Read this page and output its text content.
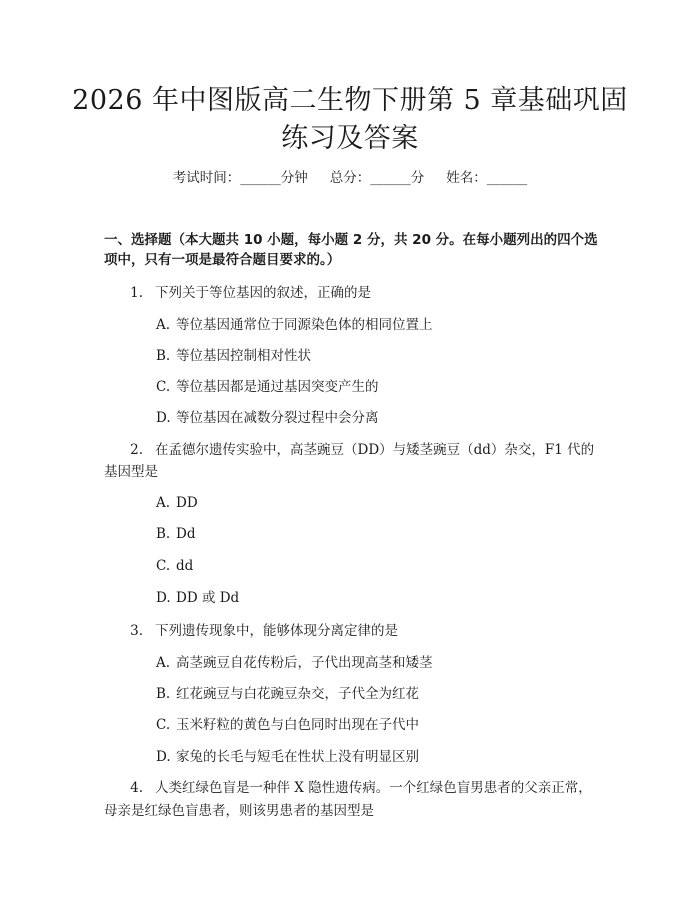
2026 年中图版高二生物下册第 5 章基础巩固
练习及答案
考试时间：______分钟 总分：______分 姓名：______
一、选择题（本大题共 10 小题，每小题 2 分，共 20 分。在每小题列出的四个选
项中，只有一项是最符合题目要求的。）
1. 下列关于等位基因的叙述，正确的是
A. 等位基因通常位于同源染色体的相同位置上
B. 等位基因控制相对性状
C. 等位基因都是通过基因突变产生的
D. 等位基因在减数分裂过程中会分离
2. 在孟德尔遗传实验中，高茎豌豆（DD）与矮茎豌豆（dd）杂交，F1 代的
基因型是
A. DD
B. Dd
C. dd
D. DD 或 Dd
3. 下列遗传现象中，能够体现分离定律的是
A. 高茎豌豆自花传粉后，子代出现高茎和矮茎
B. 红花豌豆与白花豌豆杂交，子代全为红花
C. 玉米籽粒的黄色与白色同时出现在子代中
D. 家兔的长毛与短毛在性状上没有明显区别
4. 人类红绿色盲是一种伴 X 隐性遗传病。一个红绿色盲男患者的父亲正常，
母亲是红绿色盲患者，则该男患者的基因型是
